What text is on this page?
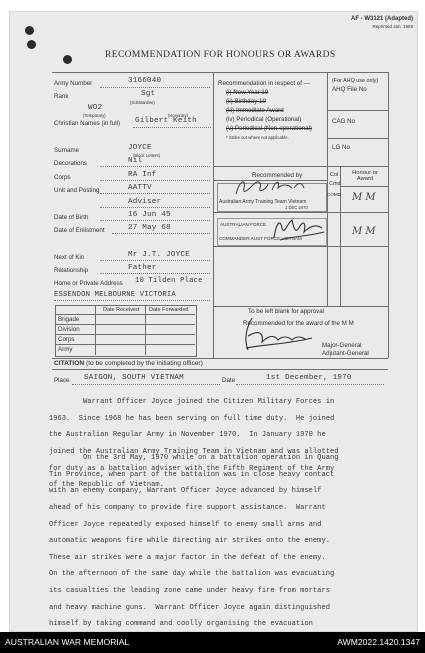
AF - W3121 (Adapted)
Reprinted Jan. 1969
RECOMMENDATION FOR HONOURS OR AWARDS
Army Number	3166040
Rank	Sgt
(Substantive)
WO2
(Temporary)	(Honorary)
Christian Names (in full) Gilbert Keith
Surname	JOYCE
(Block Letters)
Decorations	Nil
Corps	RA Inf
Unit and Posting	AATTV
Adviser
Date of Birth	16 Jun 45
Date of Enlistment	27 May 68
Next of Kin	Mr J.T. JOYCE
Relationship	Father
Home or Private Address 10 Tilden Place
ESSENDON MELBOURNE VICTORIA
Recommendation in respect of —
(i) New Year 19
(ii) Birthday 19
(iii) Immediate Award
(iv) Periodical (Operational)
(v) Periodical (Non-operational)
* Strike out where not applicable.
(For AHQ use only)
AHQ File No
CAG No
LG No
Recommended by	Col
Cmd
COMD
Honour or Award
Australian Army Training Team Vietnam
1 DEC 1970
AUSTRALIAN FORCE
COMMANDER AUST FORCE VIETNAM
M M
M M
Date Received Date Forwarded
Brigade
Division
Corps
Army
To be left blank for approval
Recommended for the award of the M M
Major-General
Adjutant-General
CITATION (to be completed by the initiating officer)
Place SAIGON, SOUTH VIETNAM	Date	1st December, 1970

Warrant Officer Joyce joined the Citizen Military Forces in

1963.  Since 1968 he has been serving on full time duty.  He joined

the Australian Regular Army in November 1970.  In January 1970 he

joined the Australian Army Training Team in Vietnam and was allotted

for duty as a battalion adviser with the Fifth Regiment of the Army

of the Republic of Vietnam.

On the 3rd May, 1970 while on a battalion operation in Quang

Tin Province, when part of the battalion was in close heavy contact

with an enemy company, Warrant Officer Joyce advanced by himself

ahead of his company to provide fire support assistance.  Warrant

Officer Joyce repeatedly exposed himself to enemy small arms and

automatic weapons fire while directing air strikes onto the enemy.

These air strikes were a major factor in the defeat of the enemy.

On the afternoon of the same day while the battalion was evacuating

its casualties the leading zone came under heavy fire from mortars

and heavy machine guns.  Warrant Officer Joyce again distinguished

himself by taking command and coolly organising the evacuation

AUSTRALIAN WAR MEMORIAL	AWM2022.1420.1347
